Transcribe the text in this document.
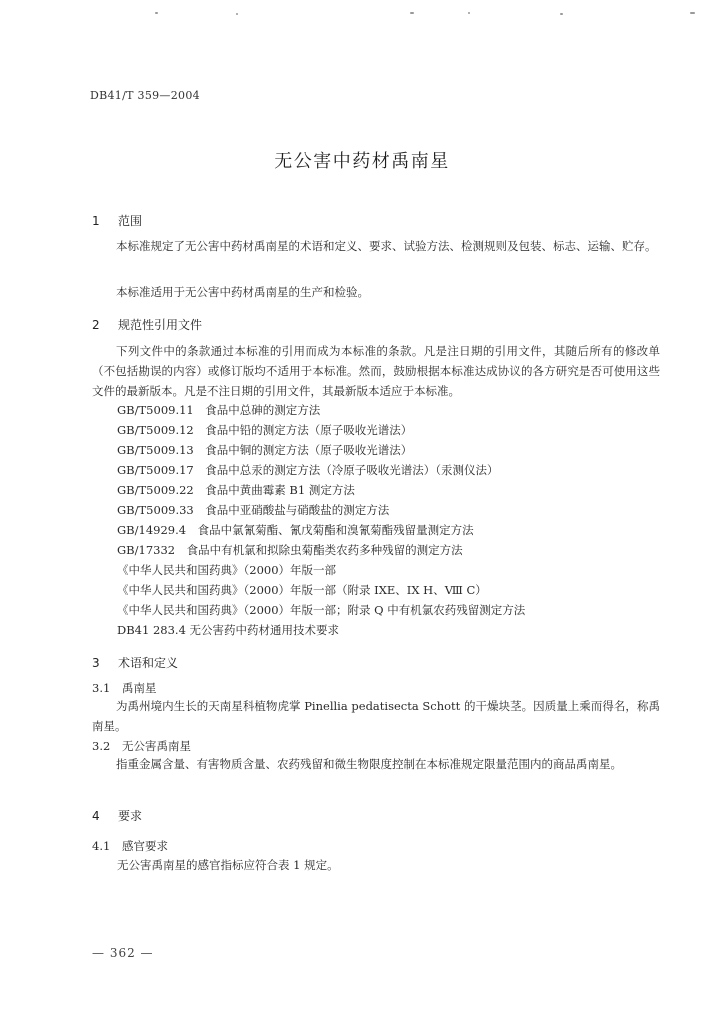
DB41/T 359—2004
无公害中药材禹南星
1 范围
本标准规定了无公害中药材禹南星的术语和定义、要求、试验方法、检测规则及包装、标志、运输、贮存。
本标准适用于无公害中药材禹南星的生产和检验。
2 规范性引用文件
下列文件中的条款通过本标准的引用而成为本标准的条款。凡是注日期的引用文件，其随后所有的修改单（不包括勘误的内容）或修订版均不适用于本标准。然而，鼓励根据本标准达成协议的各方研究是否可使用这些文件的最新版本。凡是不注日期的引用文件，其最新版本适应于本标准。
GB/T5009.11　食品中总砷的测定方法
GB/T5009.12　食品中铅的测定方法（原子吸收光谱法）
GB/T5009.13　食品中铜的测定方法（原子吸收光谱法）
GB/T5009.17　食品中总汞的测定方法（冷原子吸收光谱法）（汞测仪法）
GB/T5009.22　食品中黄曲霉素 B1 测定方法
GB/T5009.33　食品中亚硝酸盐与硝酸盐的测定方法
GB/14929.4　食品中氯氰菊酯、氰戊菊酯和溴氰菊酯残留量测定方法
GB/17332　食品中有机氯和拟除虫菊酯类农药多种残留的测定方法
《中华人民共和国药典》（2000）年版一部
《中华人民共和国药典》（2000）年版一部（附录 IXE、IX H、Ⅷ C）
《中华人民共和国药典》（2000）年版一部；附录 Q 中有机氯农药残留测定方法
DB41 283.4 无公害药中药材通用技术要求
3 术语和定义
3.1 禹南星
为禹州境内生长的天南星科植物虎掌 Pinellia pedatisecta Schott 的干燥块茎。因质量上乘而得名，称禹南星。
3.2 无公害禹南星
指重金属含量、有害物质含量、农药残留和微生物限度控制在本标准规定限量范围内的商品禹南星。
4 要求
4.1 感官要求
无公害禹南星的感官指标应符合表 1 规定。
— 362 —
